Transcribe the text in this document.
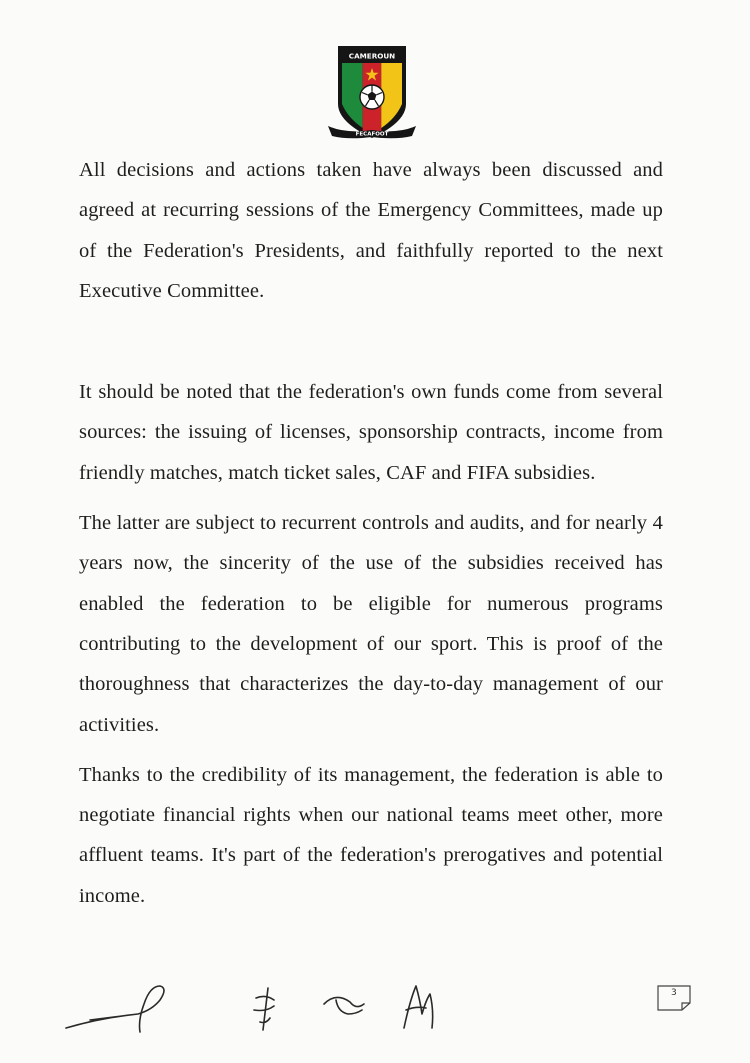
CAMEROUN
FECAFOOT

All decisions and actions taken have always been discussed and agreed at recurring sessions of the Emergency Committees, made up of the Federation's Presidents, and faithfully reported to the next Executive Committee.

It should be noted that the federation's own funds come from several sources: the issuing of licenses, sponsorship contracts, income from friendly matches, match ticket sales, CAF and FIFA subsidies.

The latter are subject to recurrent controls and audits, and for nearly 4 years now, the sincerity of the use of the subsidies received has enabled the federation to be eligible for numerous programs contributing to the development of our sport. This is proof of the thoroughness that characterizes the day-to-day management of our activities.

Thanks to the credibility of its management, the federation is able to negotiate financial rights when our national teams meet other, more affluent teams. It's part of the federation's prerogatives and potential income.

3
